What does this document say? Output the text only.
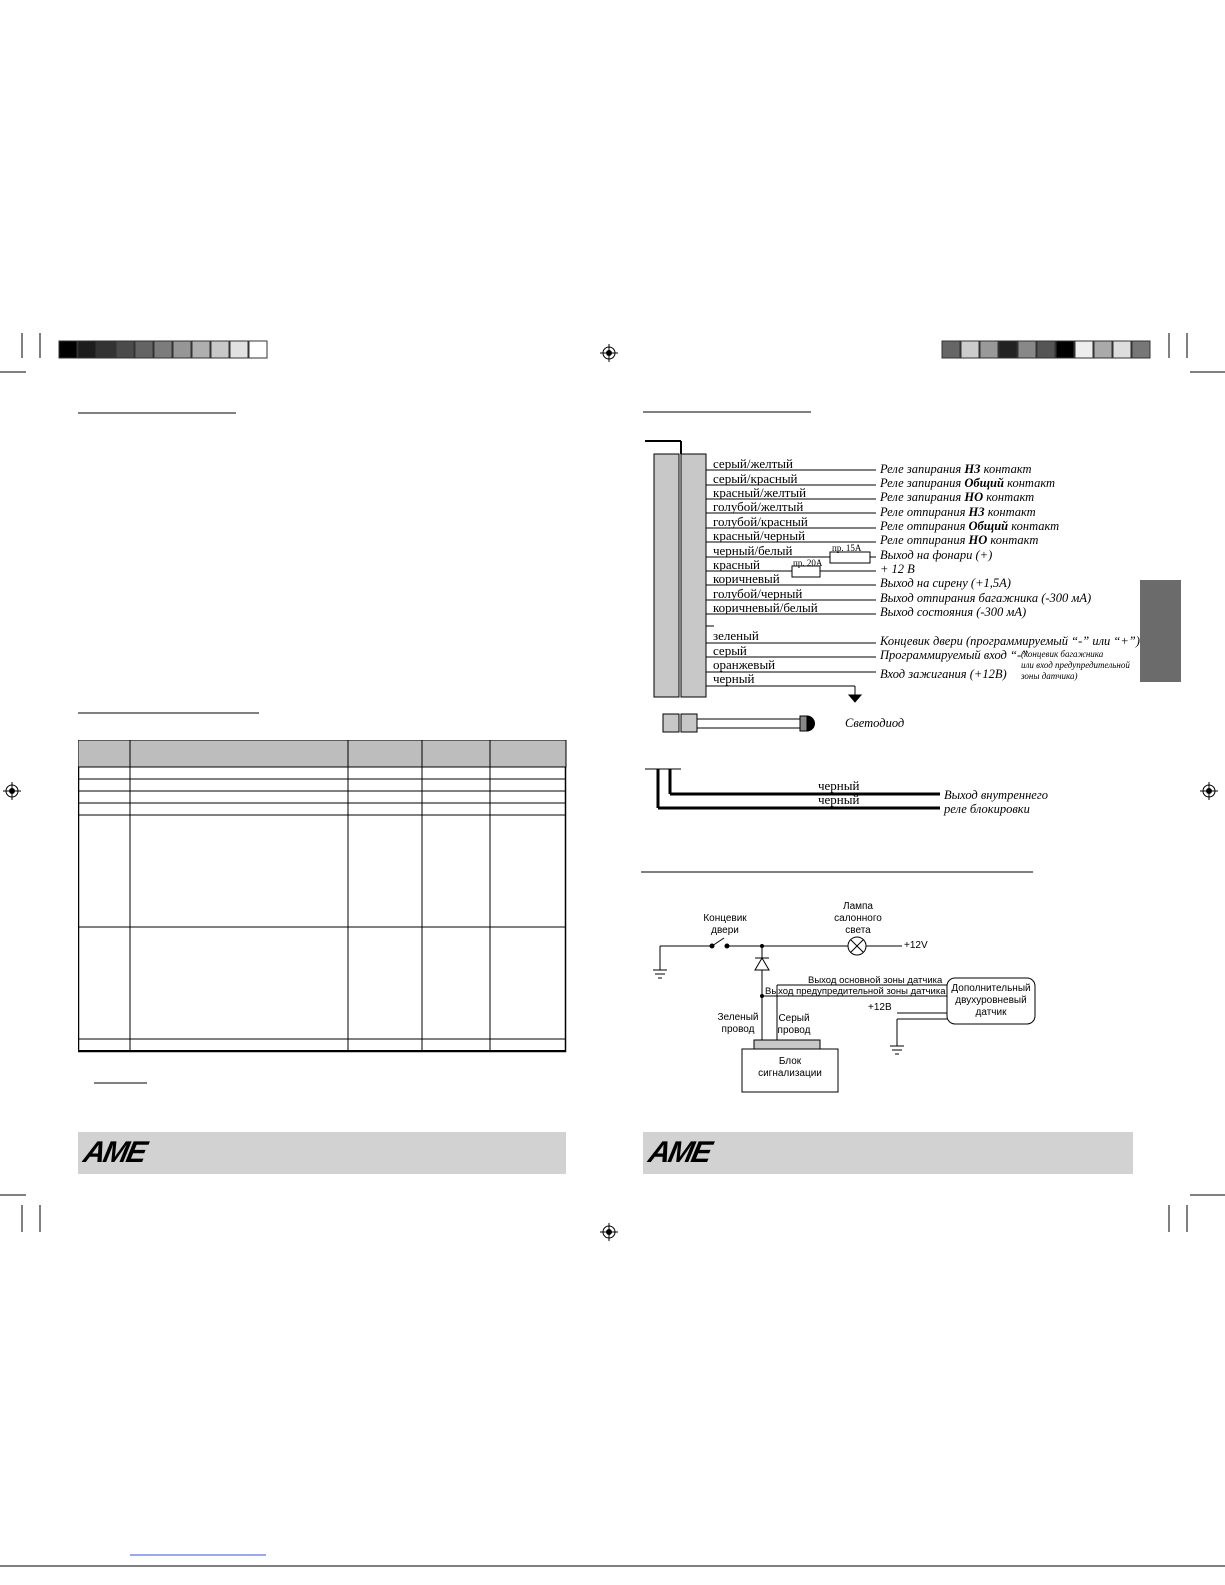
AME	AME
серый/желтый
серый/красный
красный/желтый
голубой/желтый
голубой/красный
красный/черный
черный/белый
красный
коричневый
голубой/черный
коричневый/белый
Реле запирания НЗ контакт
Реле запирания Общий контакт
Реле запирания НО контакт
Реле отпирания НЗ контакт
Реле отпирания Общий контакт
Реле отпирания НО контакт
Выход на фонари (+)
+ 12 В
Выход на сирену (+1,5А)
Выход отпирания багажника (-300 мА)
Выход состояния (-300 мА)
пр. 15А
пр. 20А
зеленый
серый
оранжевый
черный
Концевик двери (программируемый “-” или “+”)
Программируемый вход “-”
Вход зажигания (+12В)
(концевик багажника
или вход предупредительной
зоны датчика)
Светодиод
черный
черный	Выход внутреннего
реле блокировки
Концевик
двери
Лампа
салонного
света
+12V
Выход основной зоны датчика
Выход предупредительной зоны датчика Дополнительный
двухуровневый
датчик
+12В
Зеленый
провод
Серый
провод
Блок
сигнализации
